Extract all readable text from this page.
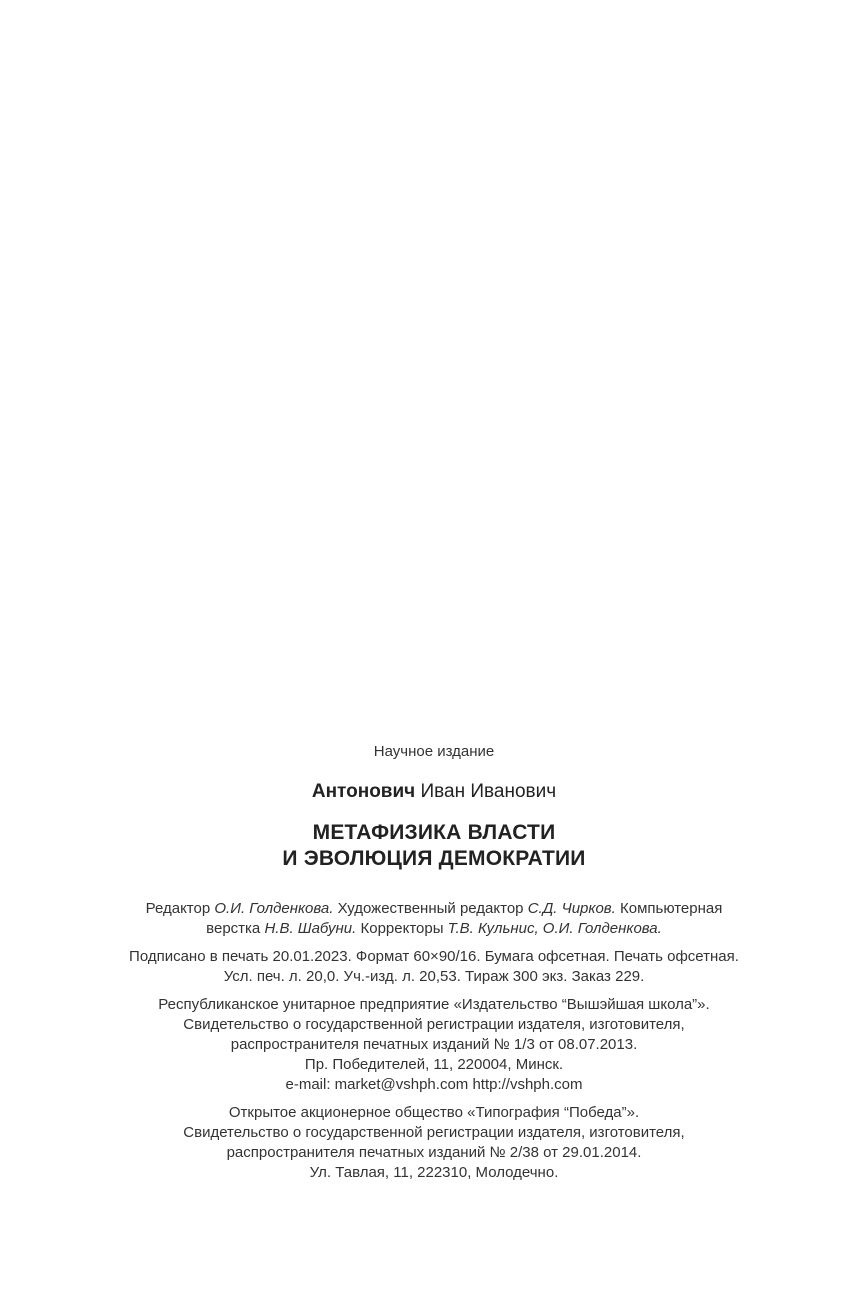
Научное издание
Антонович Иван Иванович
МЕТАФИЗИКА ВЛАСТИ
И ЭВОЛЮЦИЯ ДЕМОКРАТИИ
Редактор О.И. Голденкова. Художественный редактор С.Д. Чирков. Компьютерная
верстка Н.В. Шабуни. Корректоры Т.В. Кульнис, О.И. Голденкова.
Подписано в печать 20.01.2023. Формат 60×90/16. Бумага офсетная. Печать офсетная.
Усл. печ. л. 20,0. Уч.-изд. л. 20,53. Тираж 300 экз. Заказ 229.
Республиканское унитарное предприятие «Издательство “Вышэйшая школа”».
Свидетельство о государственной регистрации издателя, изготовителя,
распространителя печатных изданий № 1/3 от 08.07.2013.
Пр. Победителей, 11, 220004, Минск.
e-mail: market@vshph.com http://vshph.com
Открытое акционерное общество «Типография “Победа”».
Свидетельство о государственной регистрации издателя, изготовителя,
распространителя печатных изданий № 2/38 от 29.01.2014.
Ул. Тавлая, 11, 222310, Молодечно.
